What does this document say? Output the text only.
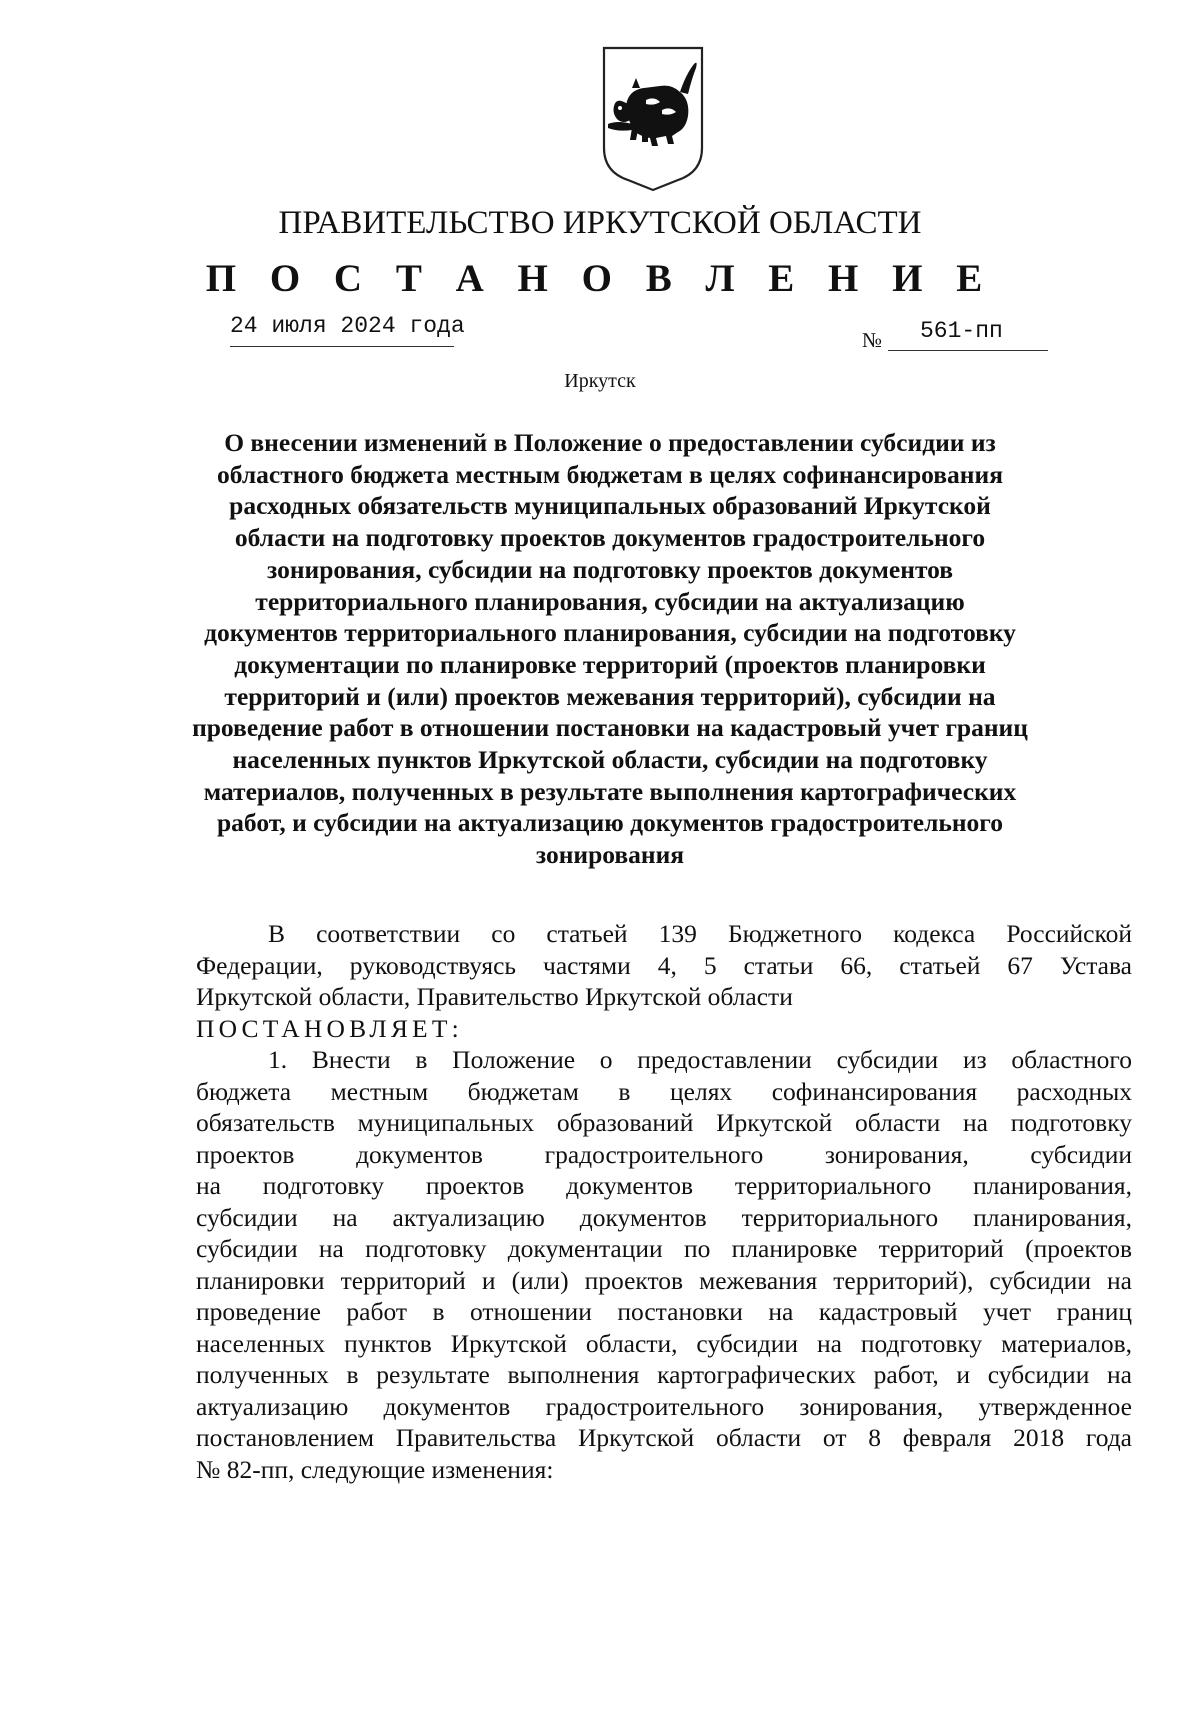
ПРАВИТЕЛЬСТВО ИРКУТСКОЙ ОБЛАСТИ
П О С Т А Н О В Л Е Н И Е
24 июля 2024 года
№ 561-пп
Иркутск
О внесении изменений в Положение о предоставлении субсидии из
областного бюджета местным бюджетам в целях софинансирования
расходных обязательств муниципальных образований Иркутской
области на подготовку проектов документов градостроительного
зонирования, субсидии на подготовку проектов документов
территориального планирования, субсидии на актуализацию
документов территориального планирования, субсидии на подготовку
документации по планировке территорий (проектов планировки
территорий и (или) проектов межевания территорий), субсидии на
проведение работ в отношении постановки на кадастровый учет границ
населенных пунктов Иркутской области, субсидии на подготовку
материалов, полученных в результате выполнения картографических
работ, и субсидии на актуализацию документов градостроительного
зонирования
В соответствии со статьей 139 Бюджетного кодекса Российской
Федерации, руководствуясь частями 4, 5 статьи 66, статьей 67 Устава
Иркутской области, Правительство Иркутской области
ПОСТАНОВЛЯЕТ:
1. Внести в Положение о предоставлении субсидии из областного
бюджета местным бюджетам в целях софинансирования расходных
обязательств муниципальных образований Иркутской области на подготовку
проектов документов градостроительного зонирования, субсидии
на подготовку проектов документов территориального планирования,
субсидии на актуализацию документов территориального планирования,
субсидии на подготовку документации по планировке территорий (проектов
планировки территорий и (или) проектов межевания территорий), субсидии на
проведение работ в отношении постановки на кадастровый учет границ
населенных пунктов Иркутской области, субсидии на подготовку материалов,
полученных в результате выполнения картографических работ, и субсидии на
актуализацию документов градостроительного зонирования, утвержденное
постановлением Правительства Иркутской области от 8 февраля 2018 года
№ 82-пп, следующие изменения:
